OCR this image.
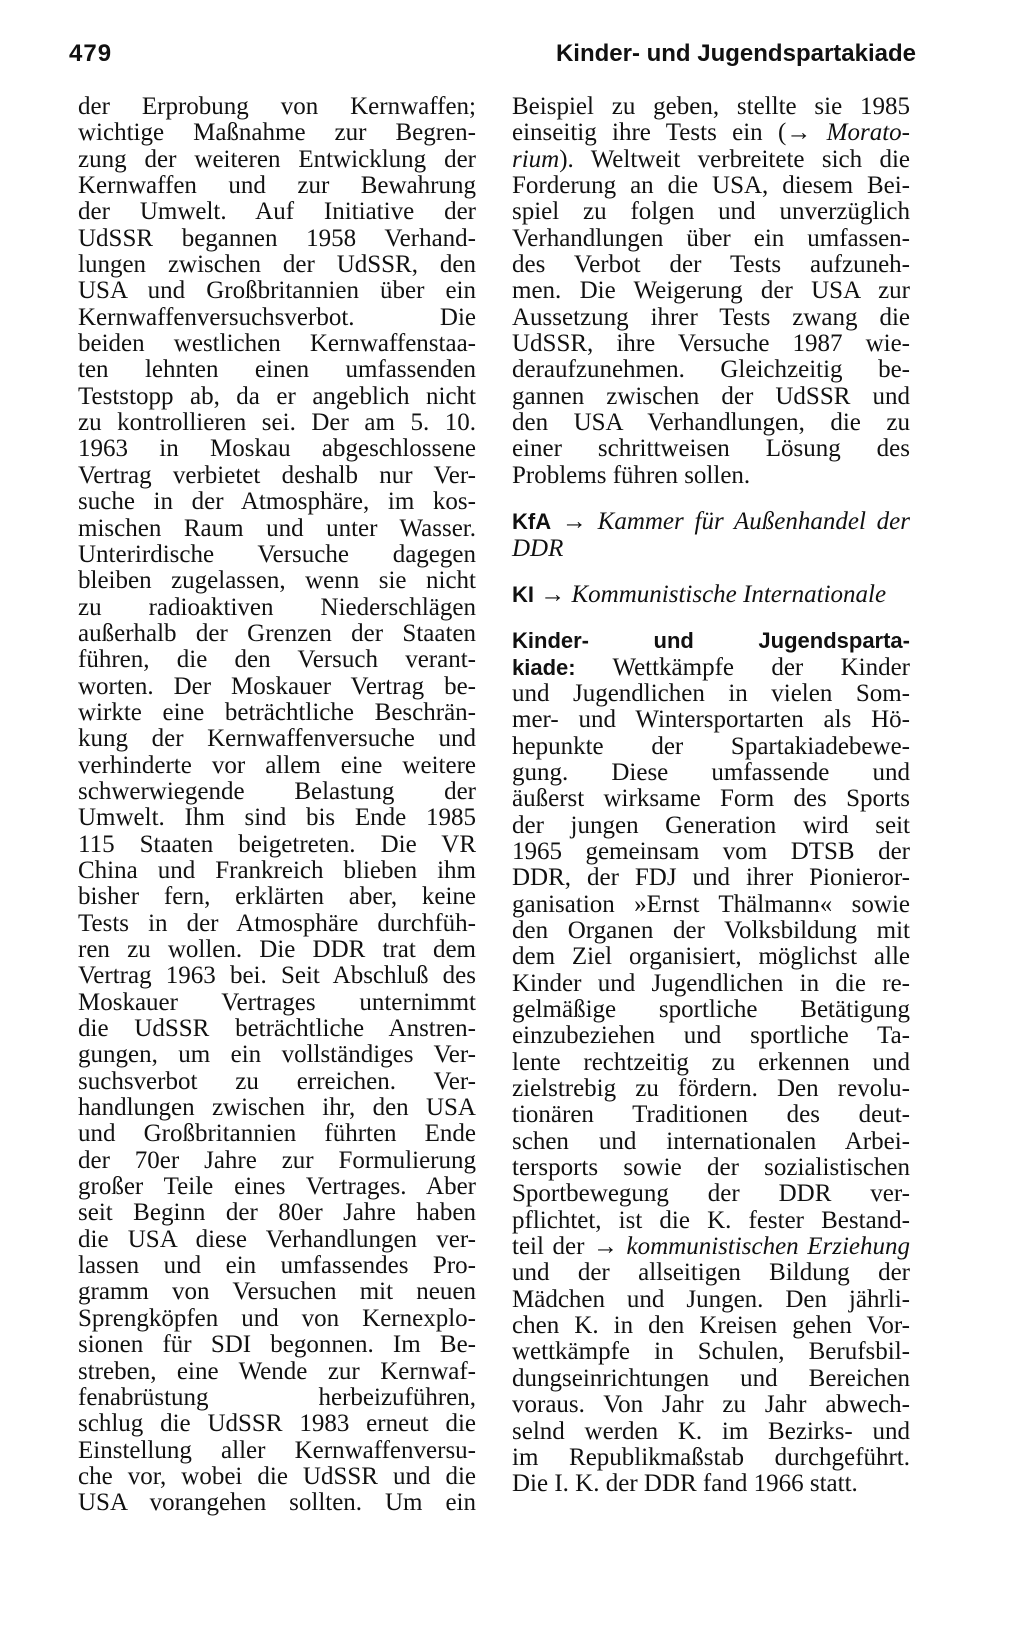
479	Kinder- und Jugendspartakiade
der Erprobung von Kernwaffen;
wichtige Maßnahme zur Begren-
zung der weiteren Entwicklung der
Kernwaffen und zur Bewahrung
der Umwelt. Auf Initiative der
UdSSR begannen 1958 Verhand-
lungen zwischen der UdSSR, den
USA und Großbritannien über ein
Kernwaffenversuchsverbot. Die
beiden westlichen Kernwaffenstaa-
ten lehnten einen umfassenden
Teststopp ab, da er angeblich nicht
zu kontrollieren sei. Der am 5. 10.
1963 in Moskau abgeschlossene
Vertrag verbietet deshalb nur Ver-
suche in der Atmosphäre, im kos-
mischen Raum und unter Wasser.
Unterirdische Versuche dagegen
bleiben zugelassen, wenn sie nicht
zu radioaktiven Niederschlägen
außerhalb der Grenzen der Staaten
führen, die den Versuch verant-
worten. Der Moskauer Vertrag be-
wirkte eine beträchtliche Beschrän-
kung der Kernwaffenversuche und
verhinderte vor allem eine weitere
schwerwiegende Belastung der
Umwelt. Ihm sind bis Ende 1985
115 Staaten beigetreten. Die VR
China und Frankreich blieben ihm
bisher fern, erklärten aber, keine
Tests in der Atmosphäre durchfüh-
ren zu wollen. Die DDR trat dem
Vertrag 1963 bei. Seit Abschluß des
Moskauer Vertrages unternimmt
die UdSSR beträchtliche Anstren-
gungen, um ein vollständiges Ver-
suchsverbot zu erreichen. Ver-
handlungen zwischen ihr, den USA
und Großbritannien führten Ende
der 70er Jahre zur Formulierung
großer Teile eines Vertrages. Aber
seit Beginn der 80er Jahre haben
die USA diese Verhandlungen ver-
lassen und ein umfassendes Pro-
gramm von Versuchen mit neuen
Sprengköpfen und von Kernexplo-
sionen für SDI begonnen. Im Be-
streben, eine Wende zur Kernwaf-
fenabrüstung herbeizuführen,
schlug die UdSSR 1983 erneut die
Einstellung aller Kernwaffenversu-
che vor, wobei die UdSSR und die
USA vorangehen sollten. Um ein
Beispiel zu geben, stellte sie 1985
einseitig ihre Tests ein (→ Morato-
rium). Weltweit verbreitete sich die
Forderung an die USA, diesem Bei-
spiel zu folgen und unverzüglich
Verhandlungen über ein umfassen-
des Verbot der Tests aufzuneh-
men. Die Weigerung der USA zur
Aussetzung ihrer Tests zwang die
UdSSR, ihre Versuche 1987 wie-
deraufzunehmen. Gleichzeitig be-
gannen zwischen der UdSSR und
den USA Verhandlungen, die zu
einer schrittweisen Lösung des
Problems führen sollen.
KfA → Kammer für Außenhandel der
DDR
KI → Kommunistische Internationale
Kinder- und Jugendsparta-
kiade: Wettkämpfe der Kinder
und Jugendlichen in vielen Som-
mer- und Wintersportarten als Hö-
hepunkte der Spartakiadebewe-
gung. Diese umfassende und
äußerst wirksame Form des Sports
der jungen Generation wird seit
1965 gemeinsam vom DTSB der
DDR, der FDJ und ihrer Pionieror-
ganisation »Ernst Thälmann« sowie
den Organen der Volksbildung mit
dem Ziel organisiert, möglichst alle
Kinder und Jugendlichen in die re-
gelmäßige sportliche Betätigung
einzubeziehen und sportliche Ta-
lente rechtzeitig zu erkennen und
zielstrebig zu fördern. Den revolu-
tionären Traditionen des deut-
schen und internationalen Arbei-
tersports sowie der sozialistischen
Sportbewegung der DDR ver-
pflichtet, ist die K. fester Bestand-
teil der → kommunistischen Erziehung
und der allseitigen Bildung der
Mädchen und Jungen. Den jährli-
chen K. in den Kreisen gehen Vor-
wettkämpfe in Schulen, Berufsbil-
dungseinrichtungen und Bereichen
voraus. Von Jahr zu Jahr abwech-
selnd werden K. im Bezirks- und
im Republikmaßstab durchgeführt.
Die I. K. der DDR fand 1966 statt.
